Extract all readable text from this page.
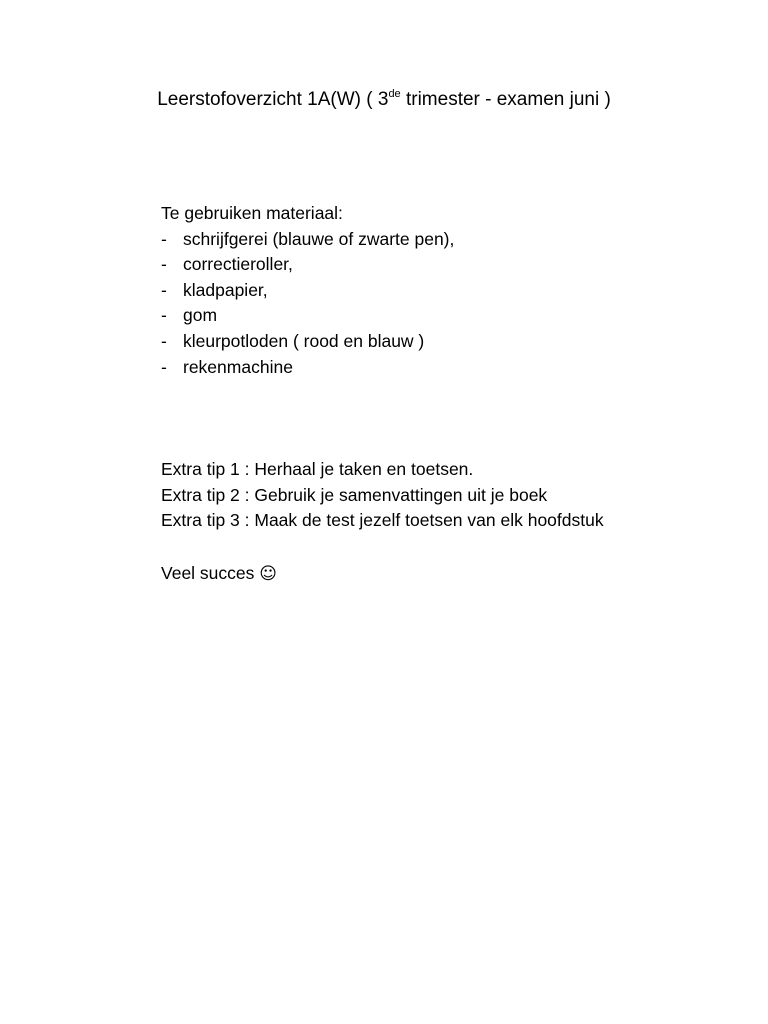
Leerstofoverzicht 1A(W) ( 3de trimester - examen juni )
Te gebruiken materiaal:
- schrijfgerei (blauwe of zwarte pen),
- correctieroller,
- kladpapier,
- gom
- kleurpotloden ( rood en blauw )
- rekenmachine
Extra tip 1 : Herhaal je taken en toetsen.
Extra tip 2 : Gebruik je samenvattingen uit je boek
Extra tip 3 : Maak de test jezelf toetsen van elk hoofdstuk
Veel succes ☺
